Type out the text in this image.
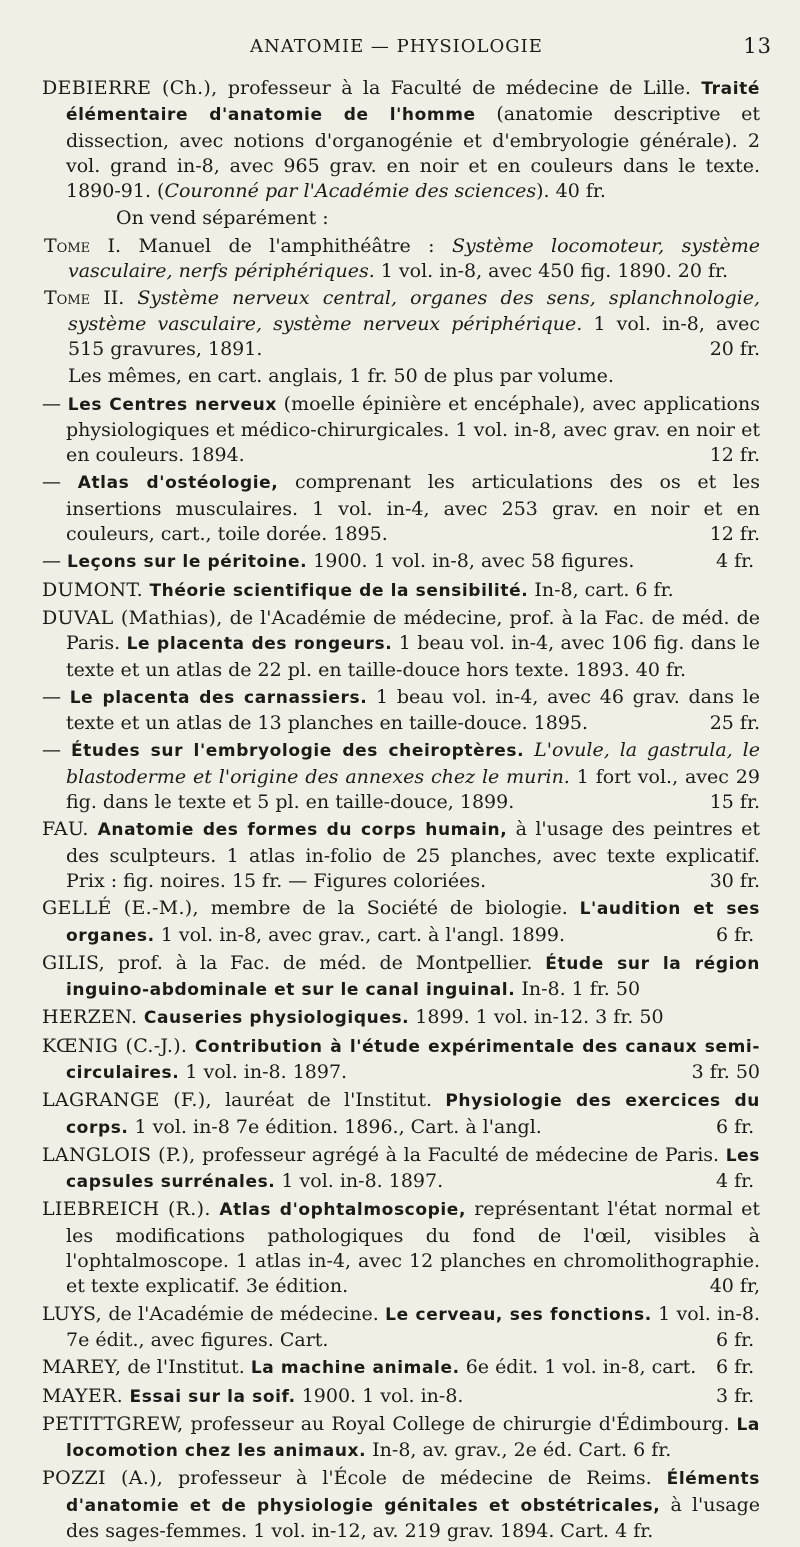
ANATOMIE — PHYSIOLOGIE	13

DEBIERRE (Ch.), professeur à la Faculté de médecine de Lille. Traité élémentaire d'anatomie de l'homme (anatomie descriptive et dissection, avec notions d'organogénie et d'embryologie générale). 2 vol. grand in-8, avec 965 grav. en noir et en couleurs dans le texte. 1890-91. (Couronné par l'Académie des sciences). 40 fr.

On vend séparément :

Tome I. Manuel de l'amphithéâtre : Système locomoteur, système vasculaire, nerfs périphériques. 1 vol. in-8, avec 450 fig. 1890. 20 fr.

Tome II. Système nerveux central, organes des sens, splanchnologie, système vasculaire, système nerveux périphérique. 1 vol. in-8, avec 515 gravures, 1891.	20 fr.

Les mêmes, en cart. anglais, 1 fr. 50 de plus par volume.

— Les Centres nerveux (moelle épinière et encéphale), avec applications physiologiques et médico-chirurgicales. 1 vol. in-8, avec grav. en noir et en couleurs. 1894.	12 fr.

— Atlas d'ostéologie, comprenant les articulations des os et les insertions musculaires. 1 vol. in-4, avec 253 grav. en noir et en couleurs, cart., toile dorée. 1895.	12 fr.

— Leçons sur le péritoine. 1900. 1 vol. in-8, avec 58 figures.	4 fr.

DUMONT. Théorie scientifique de la sensibilité. In-8, cart. 6 fr.

DUVAL (Mathias), de l'Académie de médecine, prof. à la Fac. de méd. de Paris. Le placenta des rongeurs. 1 beau vol. in-4, avec 106 fig. dans le texte et un atlas de 22 pl. en taille-douce hors texte. 1893. 40 fr.

— Le placenta des carnassiers. 1 beau vol. in-4, avec 46 grav. dans le texte et un atlas de 13 planches en taille-douce. 1895.	25 fr.

— Études sur l'embryologie des cheiroptères. L'ovule, la gastrula, le blastoderme et l'origine des annexes chez le murin. 1 fort vol., avec 29 fig. dans le texte et 5 pl. en taille-douce, 1899.	15 fr.

FAU. Anatomie des formes du corps humain, à l'usage des peintres et des sculpteurs. 1 atlas in-folio de 25 planches, avec texte explicatif. Prix : fig. noires. 15 fr. — Figures coloriées.	30 fr.

GELLÉ (E.-M.), membre de la Société de biologie. L'audition et ses organes. 1 vol. in-8, avec grav., cart. à l'angl. 1899.	6 fr.

GILIS, prof. à la Fac. de méd. de Montpellier. Étude sur la région inguino-abdominale et sur le canal inguinal. In-8. 1 fr. 50

HERZEN. Causeries physiologiques. 1899. 1 vol. in-12. 3 fr. 50

KŒNIG (C.-J.). Contribution à l'étude expérimentale des canaux semi-circulaires. 1 vol. in-8. 1897.	3 fr. 50

LAGRANGE (F.), lauréat de l'Institut. Physiologie des exercices du corps. 1 vol. in-8 7e édition. 1896., Cart. à l'angl.	6 fr.

LANGLOIS (P.), professeur agrégé à la Faculté de médecine de Paris. Les capsules surrénales. 1 vol. in-8. 1897.	4 fr.

LIEBREICH (R.). Atlas d'ophtalmoscopie, représentant l'état normal et les modifications pathologiques du fond de l'œil, visibles à l'ophtalmoscope. 1 atlas in-4, avec 12 planches en chromolithographie. et texte explicatif. 3e édition.	40 fr,

LUYS, de l'Académie de médecine. Le cerveau, ses fonctions. 1 vol. in-8. 7e édit., avec figures. Cart.	6 fr.

MAREY, de l'Institut. La machine animale. 6e édit. 1 vol. in-8, cart. 6 fr.

MAYER. Essai sur la soif. 1900. 1 vol. in-8.	3 fr.

PETITTGREW, professeur au Royal College de chirurgie d'Édimbourg. La locomotion chez les animaux. In-8, av. grav., 2e éd. Cart. 6 fr.

POZZI (A.), professeur à l'École de médecine de Reims. Éléments d'anatomie et de physiologie génitales et obstétricales, à l'usage des sages-femmes. 1 vol. in-12, av. 219 grav. 1894. Cart. 4 fr.
